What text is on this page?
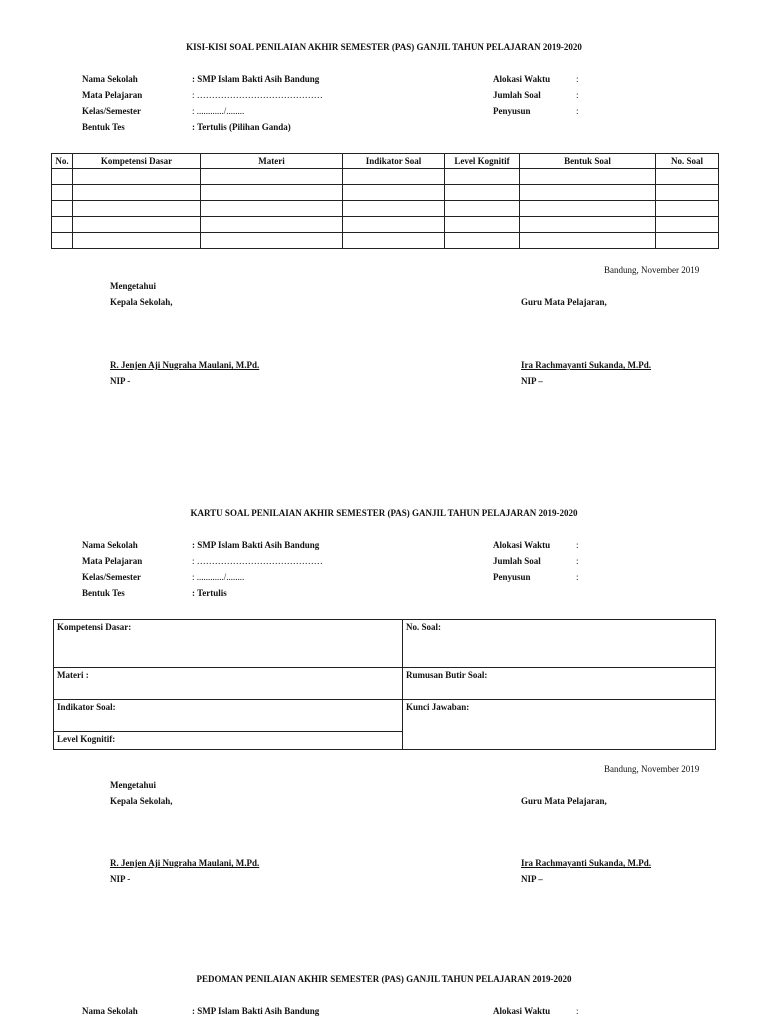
KISI-KISI SOAL PENILAIAN AKHIR SEMESTER (PAS) GANJIL TAHUN PELAJARAN 2019-2020
Nama Sekolah	: SMP Islam Bakti Asih Bandung
Mata Pelajaran	: ……………………………………
Kelas/Semester	: ............/........
Bentuk Tes	: Tertulis (Pilihan Ganda)
Alokasi Waktu	:
Jumlah Soal	:
Penyusun	:
No.	Kompetensi Dasar	Materi	Indikator Soal	Level Kognitif	Bentuk Soal	No. Soal

Bandung, November 2019
Mengetahui
Kepala Sekolah,	Guru Mata Pelajaran,
R. Jenjen Aji Nugraha Maulani, M.Pd.	Ira Rachmayanti Sukanda, M.Pd.
NIP -	NIP –
KARTU SOAL PENILAIAN AKHIR SEMESTER (PAS) GANJIL TAHUN PELAJARAN 2019-2020
Nama Sekolah	: SMP Islam Bakti Asih Bandung
Mata Pelajaran	: ……………………………………
Kelas/Semester	: ............/........
Bentuk Tes	: Tertulis
Alokasi Waktu	:
Jumlah Soal	:
Penyusun	:
Kompetensi Dasar:	No. Soal:
Materi :	Rumusan Butir Soal:
Indikator Soal:	Kunci Jawaban:
Level Kognitif:
Bandung, November 2019
Mengetahui
Kepala Sekolah,	Guru Mata Pelajaran,
R. Jenjen Aji Nugraha Maulani, M.Pd.	Ira Rachmayanti Sukanda, M.Pd.
NIP -	NIP –
PEDOMAN PENILAIAN AKHIR SEMESTER (PAS) GANJIL TAHUN PELAJARAN 2019-2020
Nama Sekolah	: SMP Islam Bakti Asih Bandung	Alokasi Waktu	:
